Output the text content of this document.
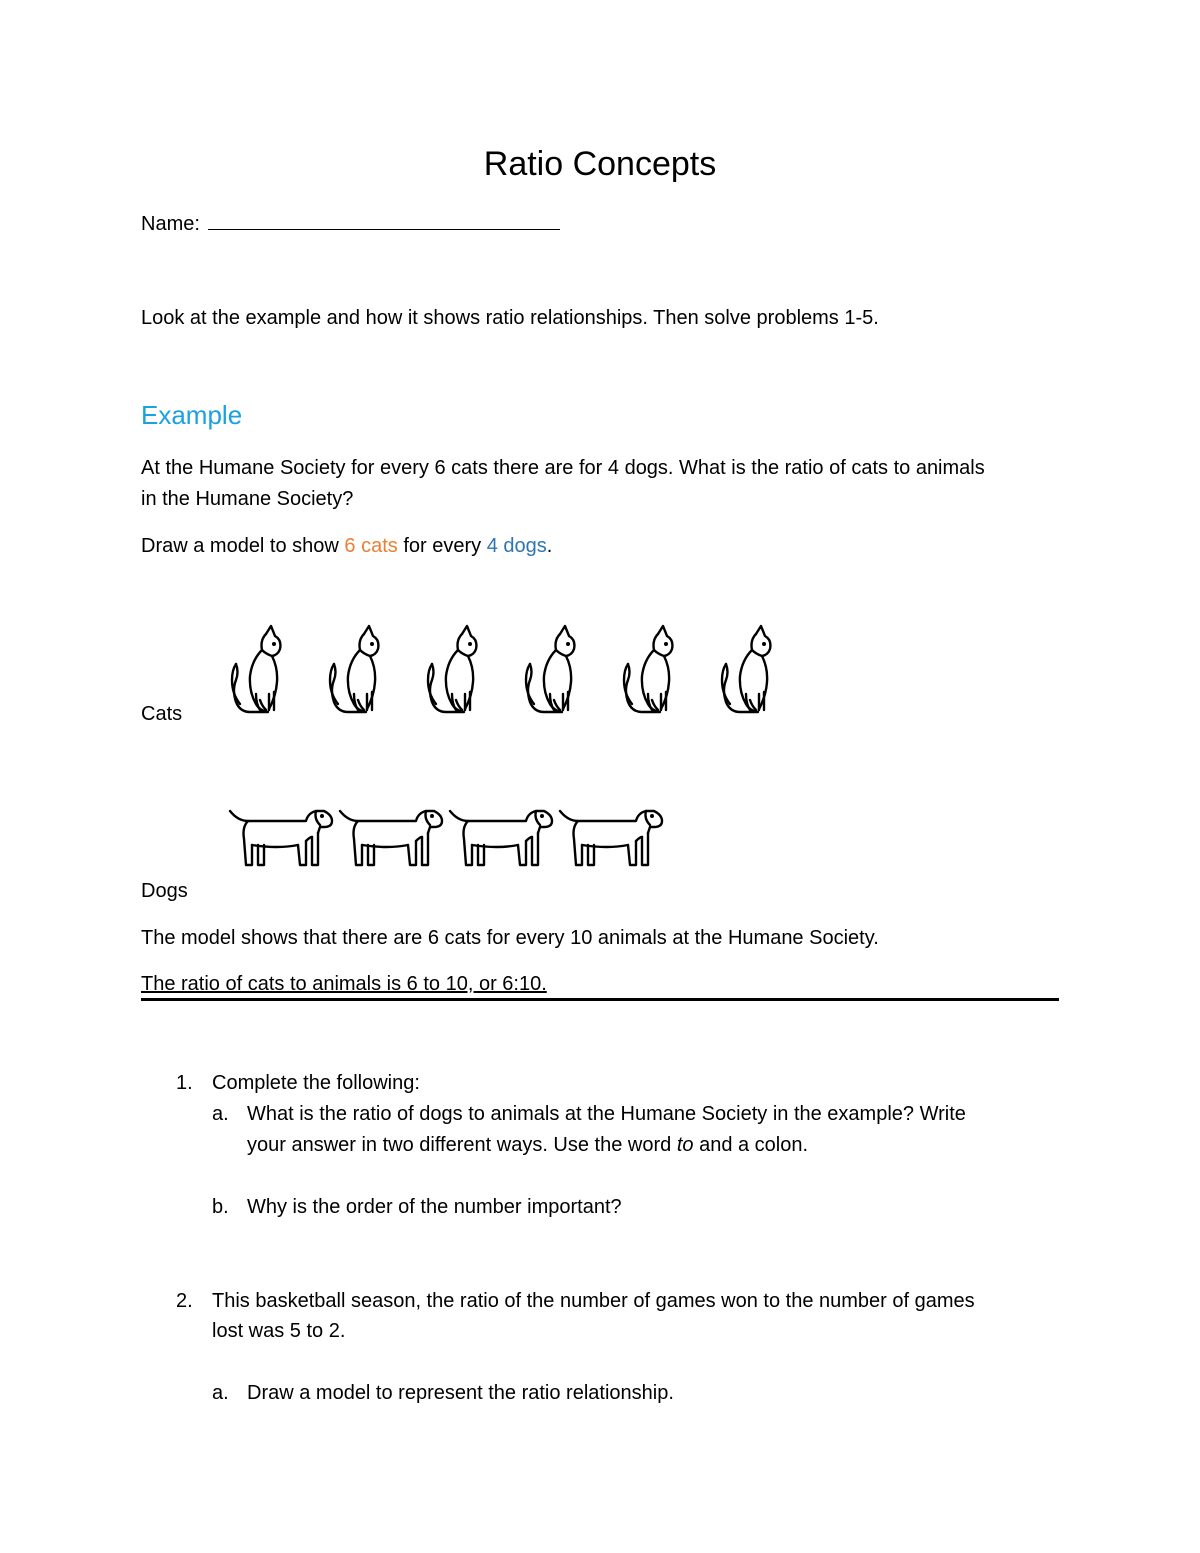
Ratio Concepts
Name:
Look at the example and how it shows ratio relationships. Then solve problems 1-5.
Example
At the Humane Society for every 6 cats there are for 4 dogs. What is the ratio of cats to animals
in the Humane Society?
Draw a model to show 6 cats for every 4 dogs.
Cats
Dogs
The model shows that there are 6 cats for every 10 animals at the Humane Society.
The ratio of cats to animals is 6 to 10, or 6:10.
1. Complete the following:
a. What is the ratio of dogs to animals at the Humane Society in the example? Write
your answer in two different ways. Use the word to and a colon.
b. Why is the order of the number important?
2. This basketball season, the ratio of the number of games won to the number of games
lost was 5 to 2.
a. Draw a model to represent the ratio relationship.
